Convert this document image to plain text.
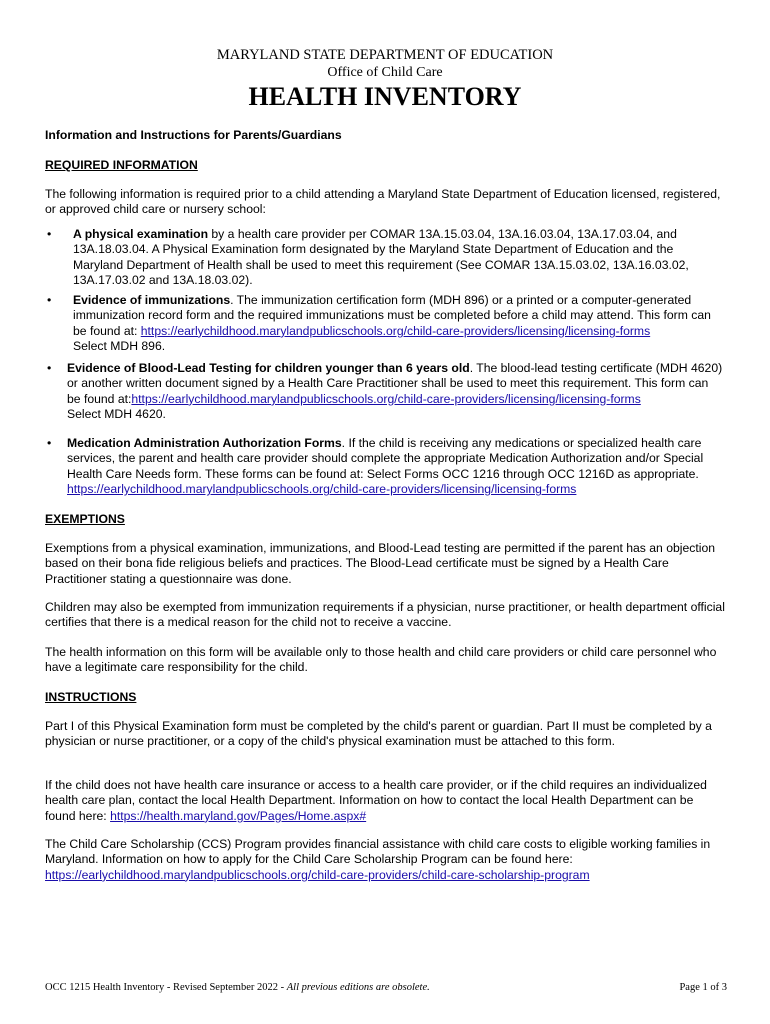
MARYLAND STATE DEPARTMENT OF EDUCATION
Office of Child Care
HEALTH INVENTORY
Information and Instructions for Parents/Guardians
REQUIRED INFORMATION
The following information is required prior to a child attending a Maryland State Department of Education licensed, registered, or approved child care or nursery school:
• A physical examination by a health care provider per COMAR 13A.15.03.04, 13A.16.03.04, 13A.17.03.04, and 13A.18.03.04. A Physical Examination form designated by the Maryland State Department of Education and the Maryland Department of Health shall be used to meet this requirement (See COMAR 13A.15.03.02, 13A.16.03.02, 13A.17.03.02 and 13A.18.03.02).
• Evidence of immunizations. The immunization certification form (MDH 896) or a printed or a computer-generated immunization record form and the required immunizations must be completed before a child may attend. This form can be found at: https://earlychildhood.marylandpublicschools.org/child-care-providers/licensing/licensing-forms
Select MDH 896.
• Evidence of Blood-Lead Testing for children younger than 6 years old. The blood-lead testing certificate (MDH 4620) or another written document signed by a Health Care Practitioner shall be used to meet this requirement. This form can be found at:https://earlychildhood.marylandpublicschools.org/child-care-providers/licensing/licensing-forms
Select MDH 4620.
• Medication Administration Authorization Forms. If the child is receiving any medications or specialized health care services, the parent and health care provider should complete the appropriate Medication Authorization and/or Special Health Care Needs form. These forms can be found at: Select Forms OCC 1216 through OCC 1216D as appropriate. https://earlychildhood.marylandpublicschools.org/child-care-providers/licensing/licensing-forms
EXEMPTIONS
Exemptions from a physical examination, immunizations, and Blood-Lead testing are permitted if the parent has an objection based on their bona fide religious beliefs and practices. The Blood-Lead certificate must be signed by a Health Care Practitioner stating a questionnaire was done.
Children may also be exempted from immunization requirements if a physician, nurse practitioner, or health department official certifies that there is a medical reason for the child not to receive a vaccine.
The health information on this form will be available only to those health and child care providers or child care personnel who have a legitimate care responsibility for the child.
INSTRUCTIONS
Part I of this Physical Examination form must be completed by the child's parent or guardian. Part II must be completed by a physician or nurse practitioner, or a copy of the child's physical examination must be attached to this form.
If the child does not have health care insurance or access to a health care provider, or if the child requires an individualized health care plan, contact the local Health Department. Information on how to contact the local Health Department can be found here: https://health.maryland.gov/Pages/Home.aspx#
The Child Care Scholarship (CCS) Program provides financial assistance with child care costs to eligible working families in Maryland. Information on how to apply for the Child Care Scholarship Program can be found here:
https://earlychildhood.marylandpublicschools.org/child-care-providers/child-care-scholarship-program
OCC 1215 Health Inventory - Revised September 2022 - All previous editions are obsolete.	Page 1 of 3
